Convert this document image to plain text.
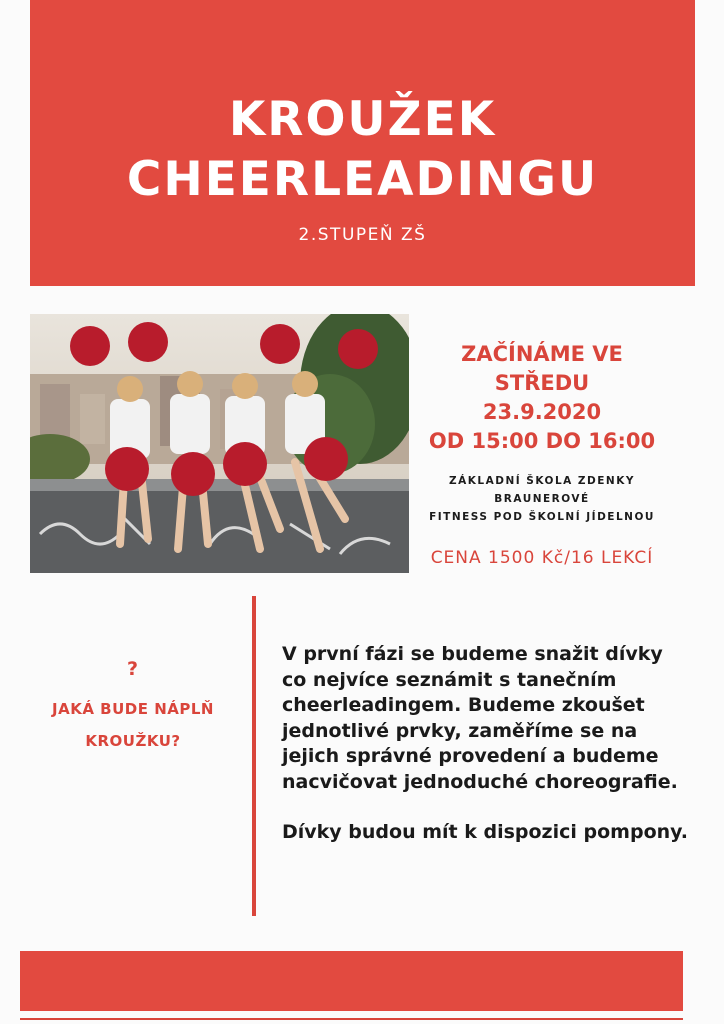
KROUŽEK
CHEERLEADINGU
2.STUPEŇ ZŠ
ZAČÍNÁME VE STŘEDU
23.9.2020
OD 15:00 DO 16:00
ZÁKLADNÍ ŠKOLA ZDENKY
BRAUNEROVÉ
FITNESS POD ŠKOLNÍ JÍDELNOU
CENA 1500 Kč/16 LEKCÍ
?
JAKÁ BUDE NÁPLŇ
KROUŽKU?

V první fázi se budeme snažit dívky co nejvíce seznámit s tanečním cheerleadingem. Budeme zkoušet jednotlivé prvky, zaměříme se na jejich správné provedení a budeme nacvičovat jednoduché choreografie.

Dívky budou mít k dispozici pompony.
